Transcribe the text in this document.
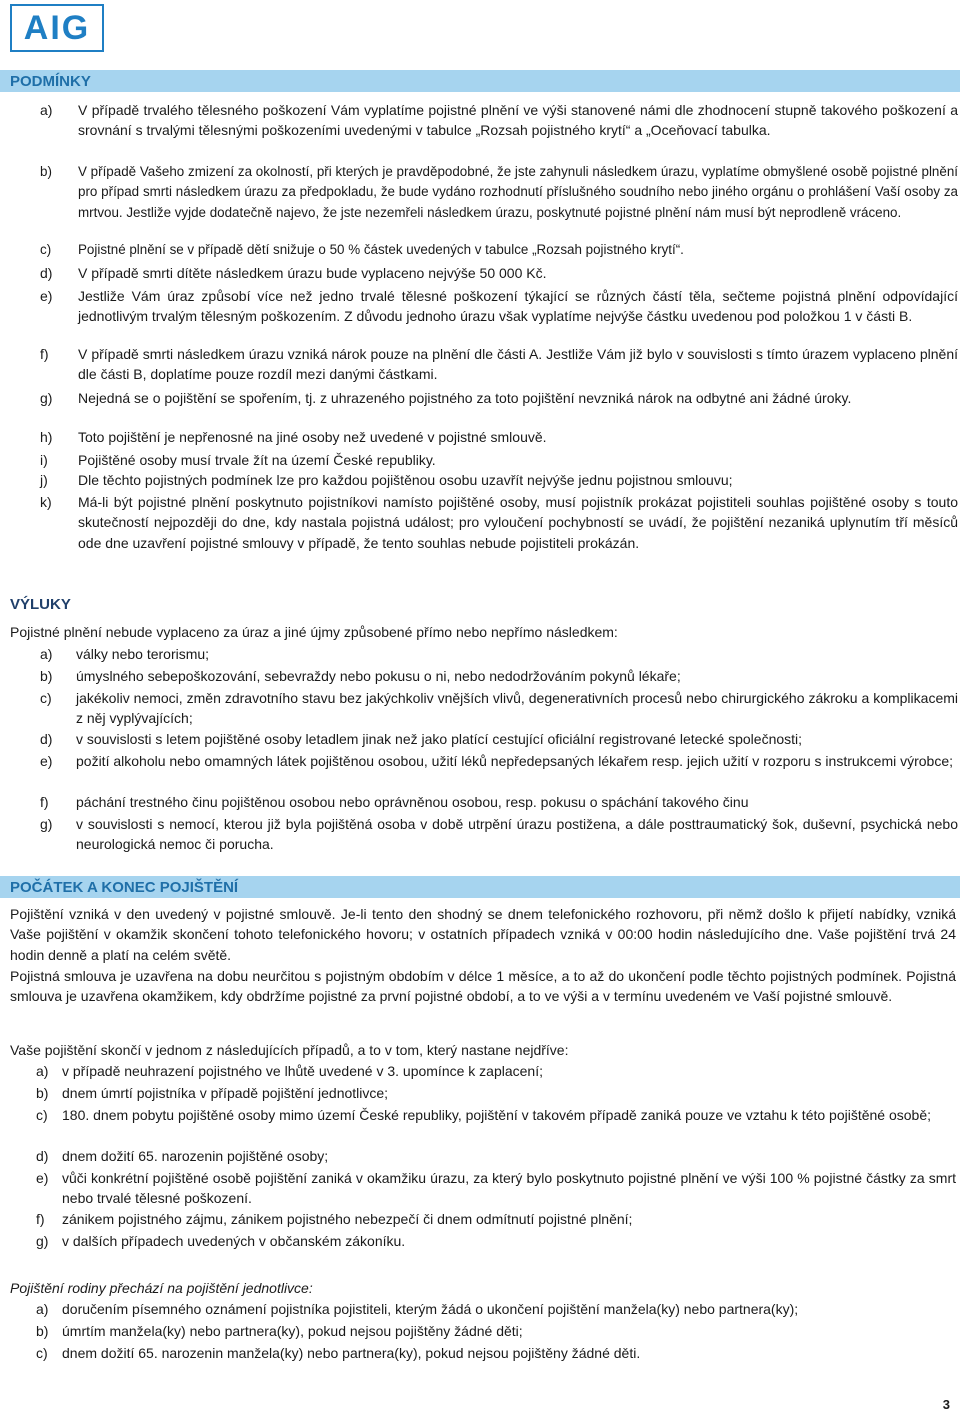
AIG
PODMÍNKY
a)	V případě trvalého tělesného poškození Vám vyplatíme pojistné plnění ve výši stanovené námi dle zhodnocení stupně takového poškození a srovnání s trvalými tělesnými poškozeními uvedenými v tabulce „Rozsah pojistného krytí“ a „Oceňovací tabulka.
b)	V případě Vašeho zmizení za okolností, při kterých je pravděpodobné, že jste zahynuli následkem úrazu, vyplatíme obmyšlené osobě pojistné plnění pro případ smrti následkem úrazu za předpokladu, že bude vydáno rozhodnutí příslušného soudního nebo jiného orgánu o prohlášení Vaší osoby za mrtvou. Jestliže vyjde dodatečně najevo, že jste nezemřeli následkem úrazu, poskytnuté pojistné plnění nám musí být neprodleně vráceno.
c)	Pojistné plnění se v případě dětí snižuje o 50 % částek uvedených v tabulce „Rozsah pojistného krytí“.
d)	V případě smrti dítěte následkem úrazu bude vyplaceno nejvýše 50 000 Kč.
e)	Jestliže Vám úraz způsobí více než jedno trvalé tělesné poškození týkající se různých částí těla, sečteme pojistná plnění odpovídající jednotlivým trvalým tělesným poškozením. Z důvodu jednoho úrazu však vyplatíme nejvýše částku uvedenou pod položkou 1 v části B.
f)	V případě smrti následkem úrazu vzniká nárok pouze na plnění dle části A. Jestliže Vám již bylo v souvislosti s tímto úrazem vyplaceno plnění dle části B, doplatíme pouze rozdíl mezi danými částkami.
g)	Nejedná se o pojištění se spořením, tj. z uhrazeného pojistného za toto pojištění nevzniká nárok na odbytné ani žádné úroky.
h)	Toto pojištění je nepřenosné na jiné osoby než uvedené v pojistné smlouvě.
i)	Pojištěné osoby musí trvale žít na území České republiky.
j)	Dle těchto pojistných podmínek lze pro každou pojištěnou osobu uzavřít nejvýše jednu pojistnou smlouvu;
k)	Má-li být pojistné plnění poskytnuto pojistníkovi namísto pojištěné osoby, musí pojistník prokázat pojistiteli souhlas pojištěné osoby s touto skutečností nejpozději do dne, kdy nastala pojistná událost; pro vyloučení pochybností se uvádí, že pojištění nezaniká uplynutím tří měsíců ode dne uzavření pojistné smlouvy v případě, že tento souhlas nebude pojistiteli prokázán.
VÝLUKY
Pojistné plnění nebude vyplaceno za úraz a jiné újmy způsobené přímo nebo nepřímo následkem:
a)	války nebo terorismu;
b)	úmyslného sebepoškozování, sebevraždy nebo pokusu o ni, nebo nedodržováním pokynů lékaře;
c)	jakékoliv nemoci, změn zdravotního stavu bez jakýchkoliv vnějších vlivů, degenerativních procesů nebo chirurgického zákroku a komplikacemi z něj vyplývajících;
d)	v souvislosti s letem pojištěné osoby letadlem jinak než jako platící cestující oficiální registrované letecké společnosti;
e)	požití alkoholu nebo omamných látek pojištěnou osobou, užití léků nepředepsaných lékařem resp. jejich užití v rozporu s instrukcemi výrobce;
f)	páchání trestného činu pojištěnou osobou nebo oprávněnou osobou, resp. pokusu o spáchání takového činu
g)	v souvislosti s nemocí, kterou již byla pojištěná osoba v době utrpění úrazu postižena, a dále posttraumatický šok, duševní, psychická nebo neurologická nemoc či porucha.
POČÁTEK A KONEC POJIŠTĚNÍ
Pojištění vzniká v den uvedený v pojistné smlouvě. Je-li tento den shodný se dnem telefonického rozhovoru, při němž došlo k přijetí nabídky, vzniká Vaše pojištění v okamžik skončení tohoto telefonického hovoru; v ostatních případech vzniká v 00:00 hodin následujícího dne. Vaše pojištění trvá 24 hodin denně a platí na celém světě.
Pojistná smlouva je uzavřena na dobu neurčitou s pojistným obdobím v délce 1 měsíce, a to až do ukončení podle těchto pojistných podmínek. Pojistná smlouva je uzavřena okamžikem, kdy obdržíme pojistné za první pojistné období, a to ve výši a v termínu uvedeném ve Vaší pojistné smlouvě.
Vaše pojištění skončí v jednom z následujících případů, a to v tom, který nastane nejdříve:
a) v případě neuhrazení pojistného ve lhůtě uvedené v 3. upomínce k zaplacení;
b) dnem úmrtí pojistníka v případě pojištění jednotlivce;
c)	180. dnem pobytu pojištěné osoby mimo území České republiky, pojištění v takovém případě zaniká pouze ve vztahu k této pojištěné osobě;
d) dnem dožití 65. narozenin pojištěné osoby;
e) vůči konkrétní pojištěné osobě pojištění zaniká v okamžiku úrazu, za který bylo poskytnuto pojistné plnění ve výši 100 % pojistné částky za smrt nebo trvalé tělesné poškození.
f)	zánikem pojistného zájmu, zánikem pojistného nebezpečí či dnem odmítnutí pojistné plnění;
g) v dalších případech uvedených v občanském zákoníku.
Pojištění rodiny přechází na pojištění jednotlivce:
a) doručením písemného oznámení pojistníka pojistiteli, kterým žádá o ukončení pojištění manžela(ky) nebo partnera(ky);
b) úmrtím manžela(ky) nebo partnera(ky), pokud nejsou pojištěny žádné děti;
c)	dnem dožití 65. narozenin manžela(ky) nebo partnera(ky), pokud nejsou pojištěny žádné děti.
3
